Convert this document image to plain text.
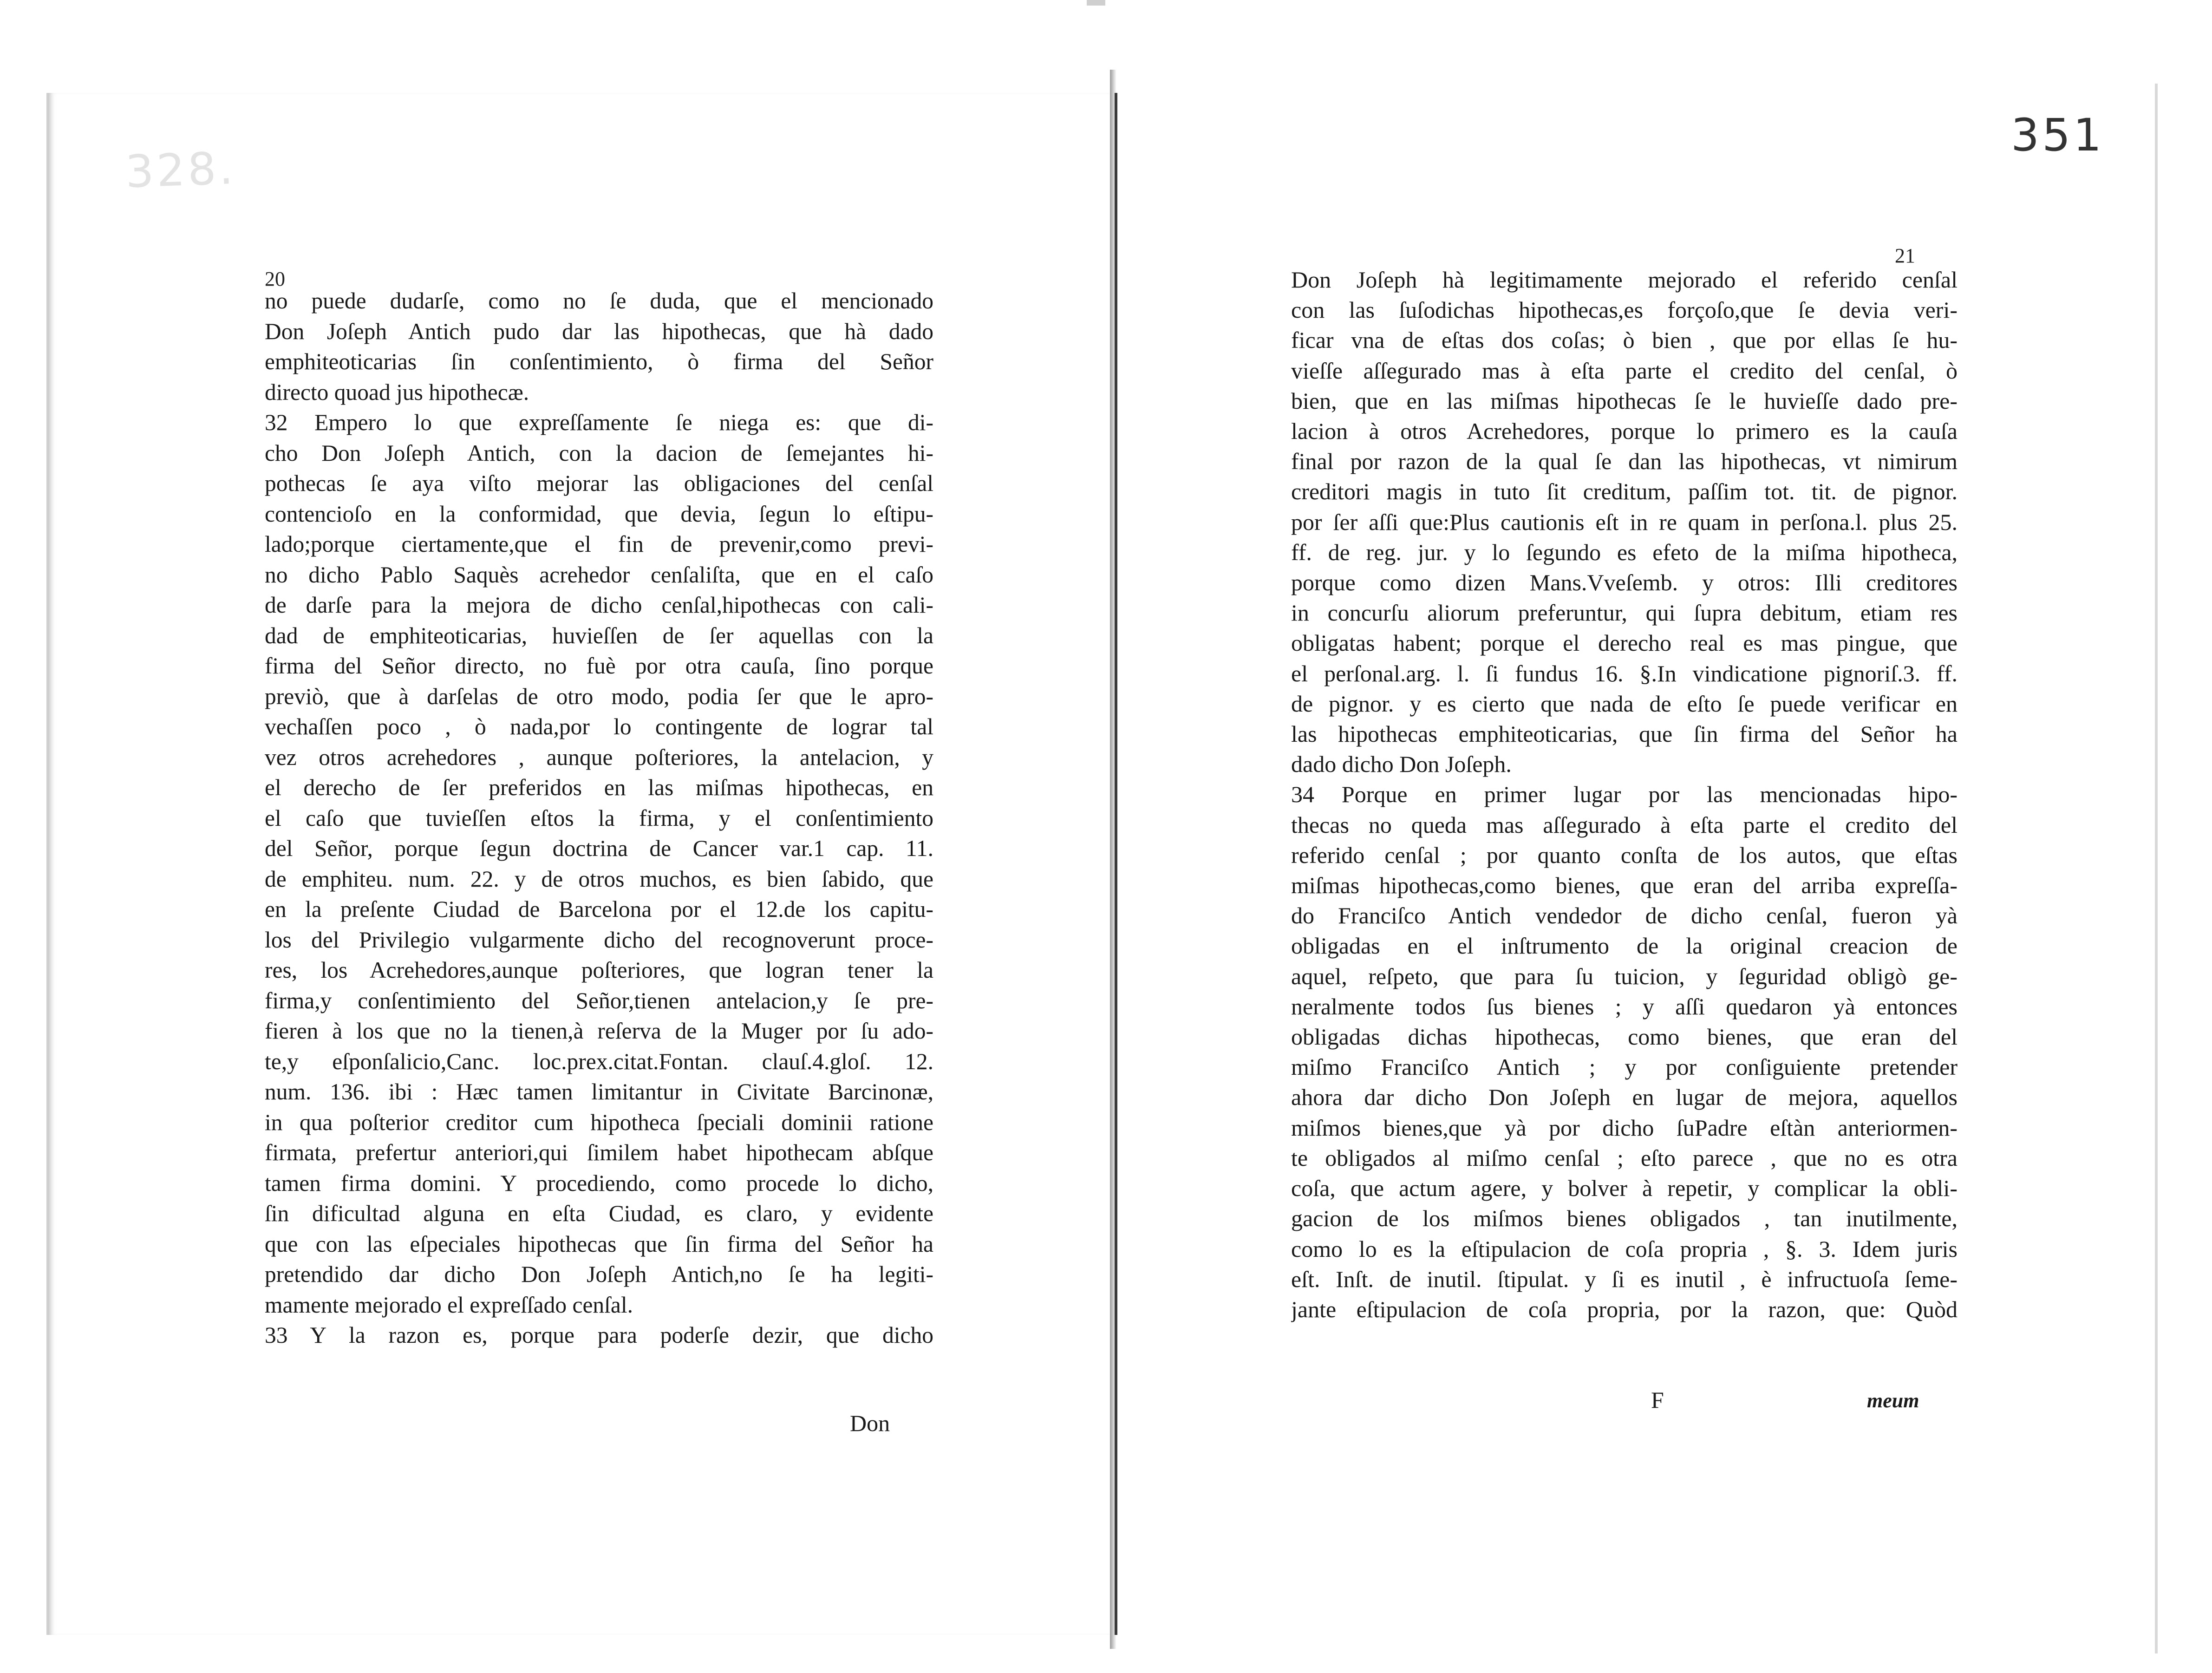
328.
351
20
21
no puede dudarſe, como no ſe duda, que el mencionado
Don Joſeph Antich pudo dar las hipothecas, que hà dado
emphiteoticarias ſin conſentimiento, ò firma del Señor
directo quoad jus hipothecæ.
32 Empero lo que expreſſamente ſe niega es: que di-
cho Don Joſeph Antich, con la dacion de ſemejantes hi-
pothecas ſe aya viſto mejorar las obligaciones del cenſal
contencioſo en la conformidad, que devia, ſegun lo eſtipu-
lado;porque ciertamente,que el fin de prevenir,como previ-
no dicho Pablo Saquès acrehedor cenſaliſta, que en el caſo
de darſe para la mejora de dicho cenſal,hipothecas con cali-
dad de emphiteoticarias, huvieſſen de ſer aquellas con la
firma del Señor directo, no fuè por otra cauſa, ſino porque
previò, que à darſelas de otro modo, podia ſer que le apro-
vechaſſen poco , ò nada,por lo contingente de lograr tal
vez otros acrehedores , aunque poſteriores, la antelacion, y
el derecho de ſer preferidos en las miſmas hipothecas, en
el caſo que tuvieſſen eſtos la firma, y el conſentimiento
del Señor, porque ſegun doctrina de Cancer var.1 cap. 11.
de emphiteu. num. 22. y de otros muchos, es bien ſabido, que
en la preſente Ciudad de Barcelona por el 12.de los capitu-
los del Privilegio vulgarmente dicho del recognoverunt proce-
res, los Acrehedores,aunque poſteriores, que logran tener la
firma,y conſentimiento del Señor,tienen antelacion,y ſe pre-
fieren à los que no la tienen,à reſerva de la Muger por ſu ado-
te,y eſponſalicio,Canc. loc.prex.citat.Fontan. clauſ.4.gloſ. 12.
num. 136. ibi : Hæc tamen limitantur in Civitate Barcinonæ,
in qua poſterior creditor cum hipotheca ſpeciali dominii ratione
firmata, prefertur anteriori,qui ſimilem habet hipothecam abſque
tamen firma domini. Y procediendo, como procede lo dicho,
ſin dificultad alguna en eſta Ciudad, es claro, y evidente
que con las eſpeciales hipothecas que ſin firma del Señor ha
pretendido dar dicho Don Joſeph Antich,no ſe ha legiti-
mamente mejorado el expreſſado cenſal.
33 Y la razon es, porque para poderſe dezir, que dicho
Don Joſeph hà legitimamente mejorado el referido cenſal
con las ſuſodichas hipothecas,es forçoſo,que ſe devia veri-
ficar vna de eſtas dos coſas; ò bien , que por ellas ſe hu-
vieſſe aſſegurado mas à eſta parte el credito del cenſal, ò
bien, que en las miſmas hipothecas ſe le huvieſſe dado pre-
lacion à otros Acrehedores, porque lo primero es la cauſa
final por razon de la qual ſe dan las hipothecas, vt nimirum
creditori magis in tuto ſit creditum, paſſim tot. tit. de pignor.
por ſer aſſi que:Plus cautionis eſt in re quam in perſona.l. plus 25.
ff. de reg. jur. y lo ſegundo es efeto de la miſma hipotheca,
porque como dizen Mans.Vveſemb. y otros: Illi creditores
in concurſu aliorum preferuntur, qui ſupra debitum, etiam res
obligatas habent; porque el derecho real es mas pingue, que
el perſonal.arg. l. ſi fundus 16. §.In vindicatione pignoriſ.3. ff.
de pignor. y es cierto que nada de eſto ſe puede verificar en
las hipothecas emphiteoticarias, que ſin firma del Señor ha
dado dicho Don Joſeph.
34 Porque en primer lugar por las mencionadas hipo-
thecas no queda mas aſſegurado à eſta parte el credito del
referido cenſal ; por quanto conſta de los autos, que eſtas
miſmas hipothecas,como bienes, que eran del arriba expreſſa-
do Franciſco Antich vendedor de dicho cenſal, fueron yà
obligadas en el inſtrumento de la original creacion de
aquel, reſpeto, que para ſu tuicion, y ſeguridad obligò ge-
neralmente todos ſus bienes ; y aſſi quedaron yà entonces
obligadas dichas hipothecas, como bienes, que eran del
miſmo Franciſco Antich ; y por conſiguiente pretender
ahora dar dicho Don Joſeph en lugar de mejora, aquellos
miſmos bienes,que yà por dicho ſuPadre eſtàn anteriormen-
te obligados al miſmo cenſal ; eſto parece , que no es otra
coſa, que actum agere, y bolver à repetir, y complicar la obli-
gacion de los miſmos bienes obligados , tan inutilmente,
como lo es la eſtipulacion de coſa propria , §. 3. Idem juris
eſt. Inſt. de inutil. ſtipulat. y ſi es inutil , è infructuoſa ſeme-
jante eſtipulacion de coſa propria, por la razon, que: Quòd
Don
F	meum
